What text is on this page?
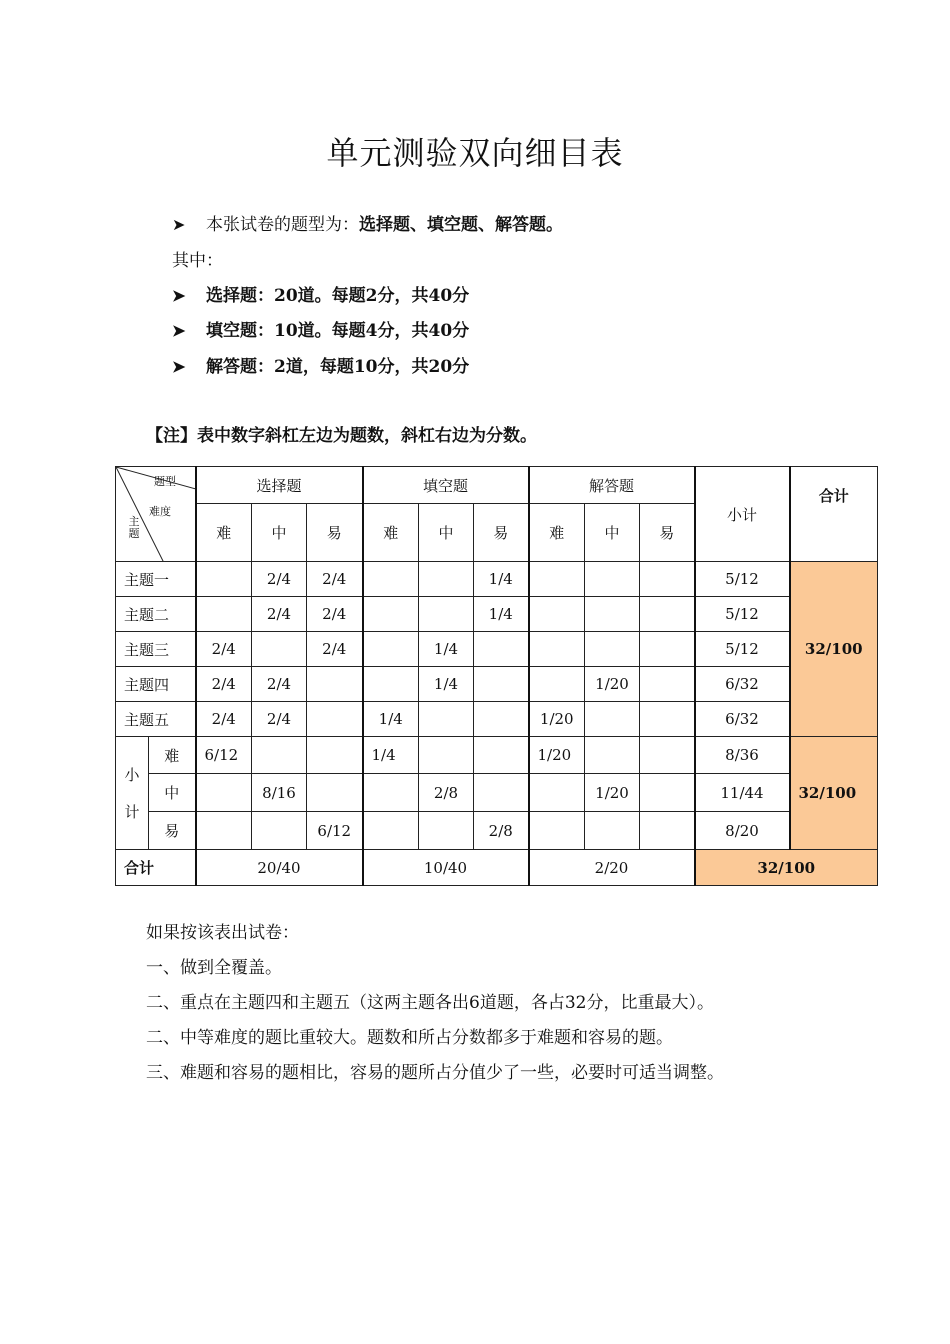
单元测验双向细目表
➤ 本张试卷的题型为：选择题、填空题、解答题。
其中：
➤ 选择题：20道。每题2分，共40分
➤ 填空题：10道。每题4分，共40分
➤ 解答题：2道，每题10分，共20分
【注】表中数字斜杠左边为题数，斜杠右边为分数。
题型
难度
主题		选择题			填空题			解答题			小计	合计
		难	中	易	难	中	易	难	中	易		
主题一			2/4	2/4			1/4				5/12	32/100
主题二			2/4	2/4			1/4				5/12	
主题三		2/4		2/4		1/4					5/12	
主题四		2/4	2/4			1/4			1/20		6/32	
主题五		2/4	2/4		1/4			1/20			6/32	

小
计	难	6/12			1/4			1/20			8/36	32/100
	中		8/16			2/8			1/20		11/44	
	易			6/12			2/8				8/20	
合计		20/40			10/40			2/20			32/100	
如果按该表出试卷：
一、做到全覆盖。
二、重点在主题四和主题五（这两主题各出6道题，各占32分，比重最大）。
二、中等难度的题比重较大。题数和所占分数都多于难题和容易的题。
三、难题和容易的题相比，容易的题所占分值少了一些，必要时可适当调整。
